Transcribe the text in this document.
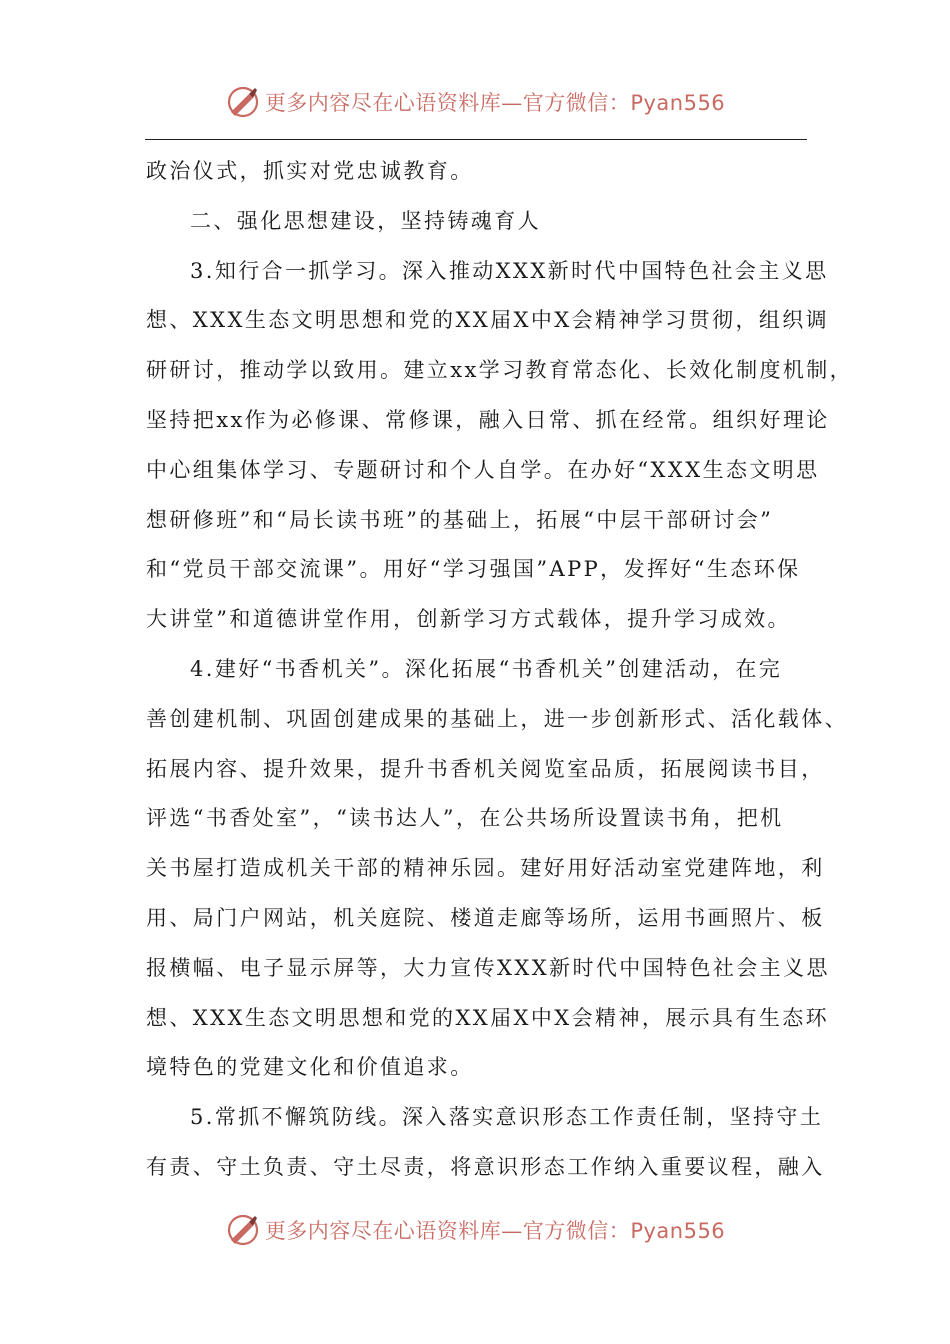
更多内容尽在心语资料库—官方微信：Pyan556
政治仪式，抓实对党忠诚教育。
二、强化思想建设，坚持铸魂育人
3.知行合一抓学习。深入推动XXX新时代中国特色社会主义思
想、XXX生态文明思想和党的XX届X中X会精神学习贯彻，组织调
研研讨，推动学以致用。建立xx学习教育常态化、长效化制度机制，
坚持把xx作为必修课、常修课，融入日常、抓在经常。组织好理论
中心组集体学习、专题研讨和个人自学。在办好“XXX生态文明思
想研修班”和“局长读书班”的基础上，拓展“中层干部研讨会”
和“党员干部交流课”。用好“学习强国”APP，发挥好“生态环保
大讲堂”和道德讲堂作用，创新学习方式载体，提升学习成效。
4.建好“书香机关”。深化拓展“书香机关”创建活动，在完
善创建机制、巩固创建成果的基础上，进一步创新形式、活化载体、
拓展内容、提升效果，提升书香机关阅览室品质，拓展阅读书目，
评选“书香处室”，“读书达人”，在公共场所设置读书角，把机
关书屋打造成机关干部的精神乐园。建好用好活动室党建阵地，利
用、局门户网站，机关庭院、楼道走廊等场所，运用书画照片、板
报横幅、电子显示屏等，大力宣传XXX新时代中国特色社会主义思
想、XXX生态文明思想和党的XX届X中X会精神，展示具有生态环
境特色的党建文化和价值追求。
5.常抓不懈筑防线。深入落实意识形态工作责任制，坚持守土
有责、守土负责、守土尽责，将意识形态工作纳入重要议程，融入
更多内容尽在心语资料库—官方微信：Pyan556
